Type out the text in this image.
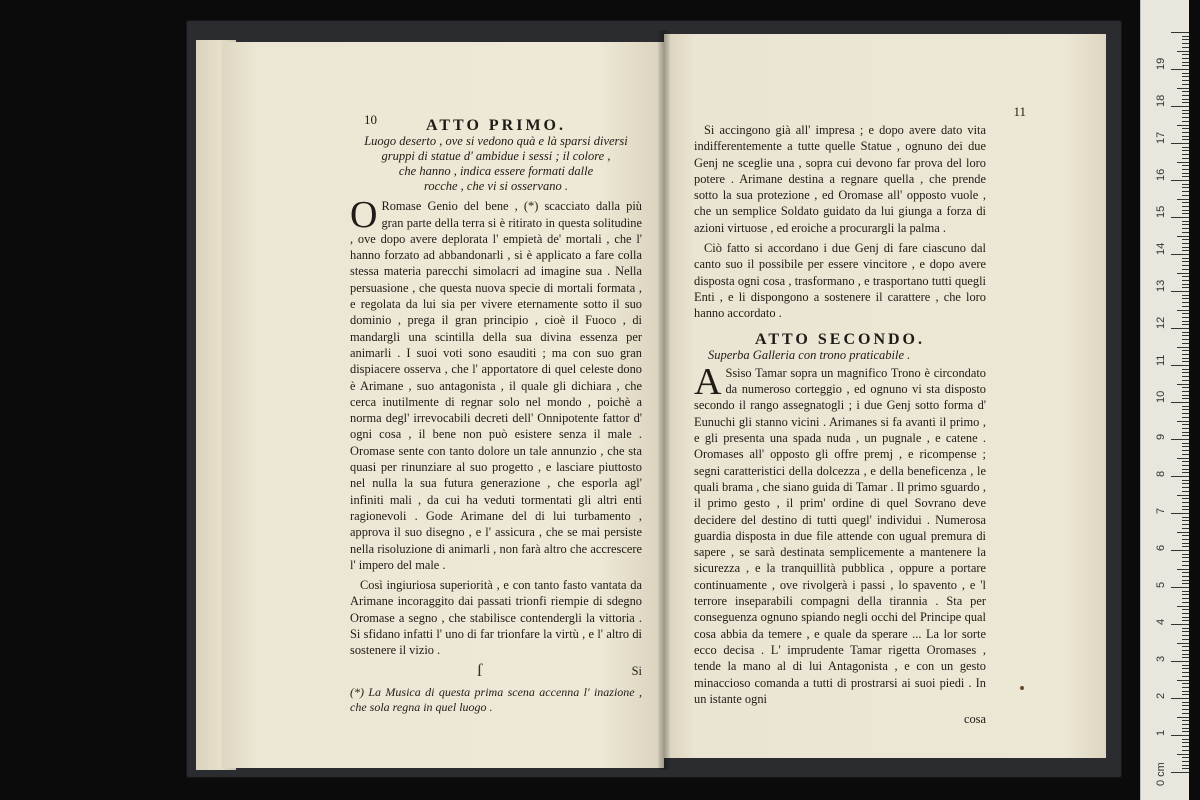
10	ATTO PRIMO.
Luogo deserto , ove si vedono quà e là sparsi diversi
gruppi di statue d' ambidue i sessi ; il colore ,
che hanno , indica essere formati dalle
rocche , che vi si osservano .

O Romase Genio del bene , (*) scacciato dalla più gran parte della terra si è ritirato in questa solitudine , ove dopo avere deplorata l' empietà de' mortali , che l' hanno forzato ad abbandonarli , si è applicato a fare colla stessa materia parecchi simolacri ad imagine sua . Nella persuasione , che questa nuova specie di mortali formata , e regolata da lui sia per vivere eternamente sotto il suo dominio , prega il gran principio , cioè il Fuoco , di mandargli una scintilla della sua divina essenza per animarli . I suoi voti sono esauditi ; ma con suo gran dispiacere osserva , che l' apportatore di quel celeste dono è Arimane , suo antagonista , il quale gli dichiara , che cerca inutilmente di regnar solo nel mondo , poichè a norma degl' irrevocabili decreti dell' Onnipotente fattor d' ogni cosa , il bene non può esistere senza il male . Oromase sente con tanto dolore un tale annunzio , che sta quasi per rinunziare al suo progetto , e lasciare piuttosto nel nulla la sua futura generazione , che esporla agl' infiniti mali , da cui ha veduti tormentati gli altri enti ragionevoli . Gode Arimane del di lui turbamento , approva il suo disegno , e l' assicura , che se mai persiste nella risoluzione di animarli , non farà altro che accrescere l' impero del male .

Così ingiuriosa superiorità , e con tanto fasto vantata da Arimane incoraggito dai passati trionfi riempie di sdegno Oromase a segno , che stabilisce contendergli la vittoria . Si sfidano infatti l' uno di far trionfare la virtù , e l' altro di sostenere il vizio .

Si
(*) La Musica di questa prima scena accenna l' inazione , che sola regna in quel luogo .
ſ
11

Si accingono già all' impresa ; e dopo avere dato vita indifferentemente a tutte quelle Statue , ognuno dei due Genj ne sceglie una , sopra cui devono far prova del loro potere . Arimane destina a regnare quella , che prende sotto la sua protezione , ed Oromase all' opposto vuole , che un semplice Soldato guidato da lui giunga a forza di azioni virtuose , ed eroiche a procurargli la palma .

Ciò fatto si accordano i due Genj di fare ciascuno dal canto suo il possibile per essere vincitore , e dopo avere disposta ogni cosa , trasformano , e trasportano tutti quegli Enti , e li dispongono a sostenere il carattere , che loro hanno accordato .

ATTO SECONDO.
Superba Galleria con trono praticabile .

A Ssiso Tamar sopra un magnifico Trono è circondato da numeroso corteggio , ed ognuno vi sta disposto secondo il rango assegnatogli ; i due Genj sotto forma d' Eunuchi gli stanno vicini . Arimanes si fa avanti il primo , e gli presenta una spada nuda , un pugnale , e catene . Oromases all' opposto gli offre premj , e ricompense ; segni caratteristici della dolcezza , e della beneficenza , le quali brama , che siano guida di Tamar . Il primo sguardo , il primo gesto , il prim' ordine di quel Sovrano deve decidere del destino di tutti quegl' individui . Numerosa guardia disposta in due file attende con ugual premura di sapere , se sarà destinata semplicemente a mantenere la sicurezza , e la tranquillità pubblica , oppure a portare continuamente , ove rivolgerà i passi , lo spavento , e 'l terrore inseparabili compagni della tirannia . Sta per conseguenza ognuno spiando negli occhi del Principe qual cosa abbia da temere , e quale da sperare ... La lor sorte ecco decisa . L' imprudente Tamar rigetta Oromases , tende la mano al di lui Antagonista , e con un gesto minaccioso comanda a tutti di prostrarsi ai suoi piedi . In un istante ogni

cosa
0 cm
1
2
3
4
5
6
7
8
9
10
11
12
13
14
15
16
17
18
19
